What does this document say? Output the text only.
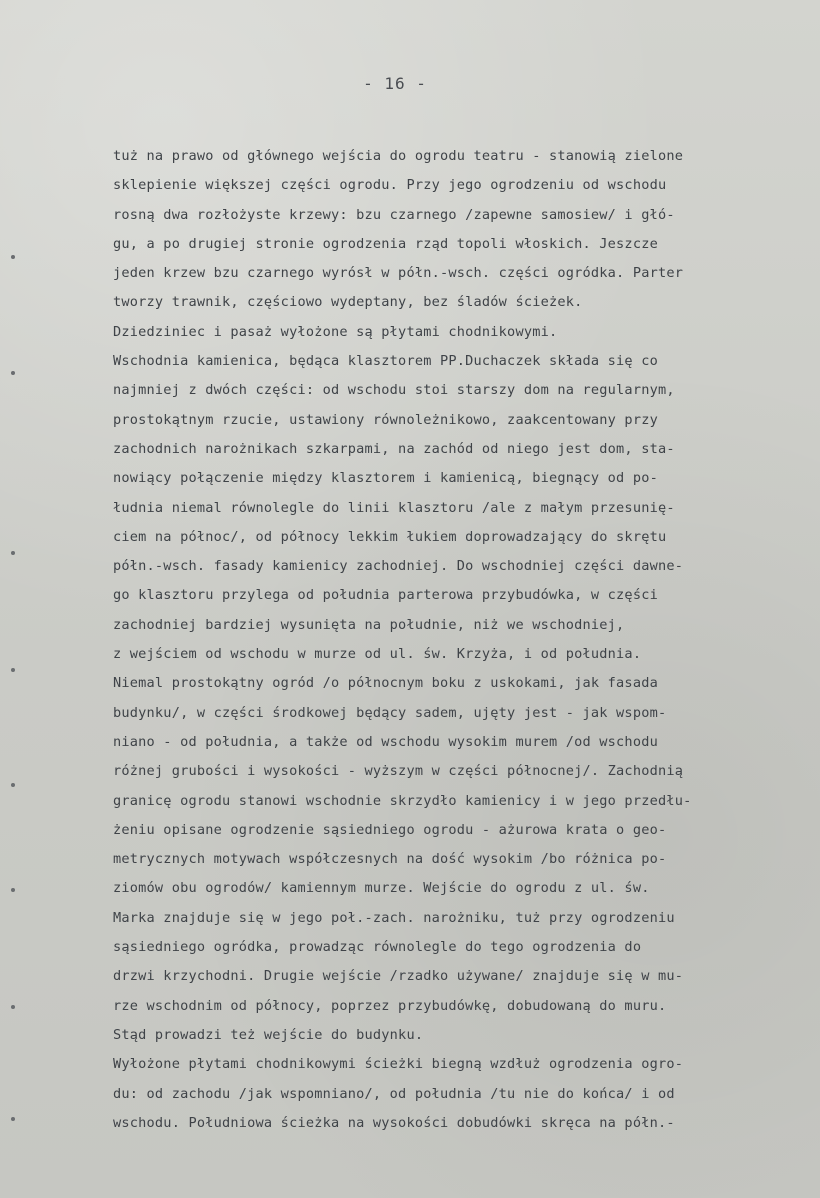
- 16 -
tuż na prawo od głównego wejścia do ogrodu teatru - stanowią zielone
sklepienie większej części ogrodu. Przy jego ogrodzeniu od wschodu
rosną dwa rozłożyste krzewy: bzu czarnego /zapewne samosiew/ i głó-
gu, a po drugiej stronie ogrodzenia rząd topoli włoskich. Jeszcze
jeden krzew bzu czarnego wyrósł w półn.-wsch. części ogródka. Parter
tworzy trawnik, częściowo wydeptany, bez śladów ścieżek.
Dziedziniec i pasaż wyłożone są płytami chodnikowymi.
Wschodnia kamienica, będąca klasztorem PP.Duchaczek składa się co
najmniej z dwóch części: od wschodu stoi starszy dom na regularnym,
prostokątnym rzucie, ustawiony równoleżnikowo, zaakcentowany przy
zachodnich narożnikach szkarpami, na zachód od niego jest dom, sta-
nowiący połączenie między klasztorem i kamienicą, biegnący od po-
łudnia niemal równolegle do linii klasztoru /ale z małym przesunię-
ciem na północ/, od północy lekkim łukiem doprowadzający do skrętu
półn.-wsch. fasady kamienicy zachodniej. Do wschodniej części dawne-
go klasztoru przylega od południa parterowa przybudówka, w części
zachodniej bardziej wysunięta na południe, niż we wschodniej,
z wejściem od wschodu w murze od ul. św. Krzyża, i od południa.
Niemal prostokątny ogród /o północnym boku z uskokami, jak fasada
budynku/, w części środkowej będący sadem, ujęty jest - jak wspom-
niano - od południa, a także od wschodu wysokim murem /od wschodu
różnej grubości i wysokości - wyższym w części północnej/. Zachodnią
granicę ogrodu stanowi wschodnie skrzydło kamienicy i w jego przedłu-
żeniu opisane ogrodzenie sąsiedniego ogrodu - ażurowa krata o geo-
metrycznych motywach współczesnych na dość wysokim /bo różnica po-
ziomów obu ogrodów/ kamiennym murze. Wejście do ogrodu z ul. św.
Marka znajduje się w jego poł.-zach. narożniku, tuż przy ogrodzeniu
sąsiedniego ogródka, prowadząc równolegle do tego ogrodzenia do
drzwi krzychodni. Drugie wejście /rzadko używane/ znajduje się w mu-
rze wschodnim od północy, poprzez przybudówkę, dobudowaną do muru.
Stąd prowadzi też wejście do budynku.
Wyłożone płytami chodnikowymi ścieżki biegną wzdłuż ogrodzenia ogro-
du: od zachodu /jak wspomniano/, od południa /tu nie do końca/ i od
wschodu. Południowa ścieżka na wysokości dobudówki skręca na półn.-
